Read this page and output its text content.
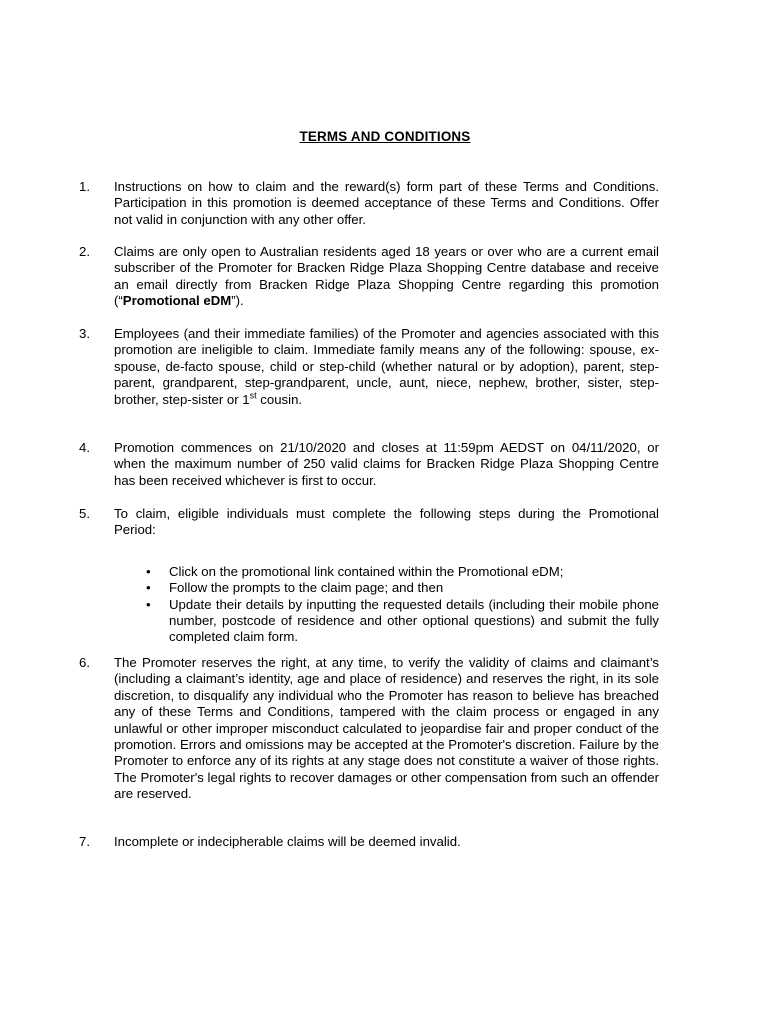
TERMS AND CONDITIONS
1.	Instructions on how to claim and the reward(s) form part of these Terms and Conditions. Participation in this promotion is deemed acceptance of these Terms and Conditions. Offer not valid in conjunction with any other offer.

2.	Claims are only open to Australian residents aged 18 years or over who are a current email subscriber of the Promoter for Bracken Ridge Plaza Shopping Centre database and receive an email directly from Bracken Ridge Plaza Shopping Centre regarding this promotion (“Promotional eDM”).

3.	Employees (and their immediate families) of the Promoter and agencies associated with this promotion are ineligible to claim. Immediate family means any of the following: spouse, ex-spouse, de-facto spouse, child or step-child (whether natural or by adoption), parent, step-parent, grandparent, step-grandparent, uncle, aunt, niece, nephew, brother, sister, step-brother, step-sister or 1st cousin.

4.	Promotion commences on 21/10/2020 and closes at 11:59pm AEDST on 04/11/2020, or when the maximum number of 250 valid claims for Bracken Ridge Plaza Shopping Centre has been received whichever is first to occur.

5.	To claim, eligible individuals must complete the following steps during the Promotional Period:

• Click on the promotional link contained within the Promotional eDM;
• Follow the prompts to the claim page; and then
• Update their details by inputting the requested details (including their mobile phone number, postcode of residence and other optional questions) and submit the fully completed claim form.
6.	The Promoter reserves the right, at any time, to verify the validity of claims and claimant’s (including a claimant’s identity, age and place of residence) and reserves the right, in its sole discretion, to disqualify any individual who the Promoter has reason to believe has breached any of these Terms and Conditions, tampered with the claim process or engaged in any unlawful or other improper misconduct calculated to jeopardise fair and proper conduct of the promotion. Errors and omissions may be accepted at the Promoter's discretion. Failure by the Promoter to enforce any of its rights at any stage does not constitute a waiver of those rights. The Promoter's legal rights to recover damages or other compensation from such an offender are reserved.

7.	Incomplete or indecipherable claims will be deemed invalid.
